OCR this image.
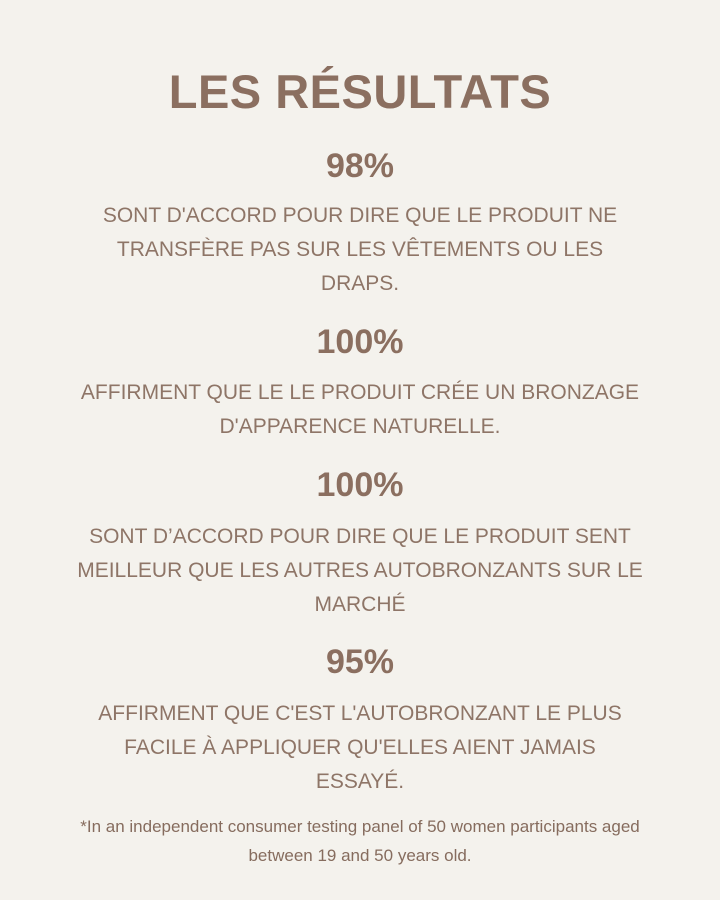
LES RÉSULTATS
98%
SONT D'ACCORD POUR DIRE QUE LE PRODUIT NE TRANSFÈRE PAS SUR LES VÊTEMENTS OU LES DRAPS.
100%
AFFIRMENT QUE LE LE PRODUIT CRÉE UN BRONZAGE D'APPARENCE NATURELLE.
100%
SONT D’ACCORD POUR DIRE QUE LE PRODUIT SENT MEILLEUR QUE LES AUTRES AUTOBRONZANTS SUR LE MARCHÉ
95%
AFFIRMENT QUE C'EST L'AUTOBRONZANT LE PLUS FACILE À APPLIQUER QU'ELLES AIENT JAMAIS ESSAYÉ.
*In an independent consumer testing panel of 50 women participants aged between 19 and 50 years old.
